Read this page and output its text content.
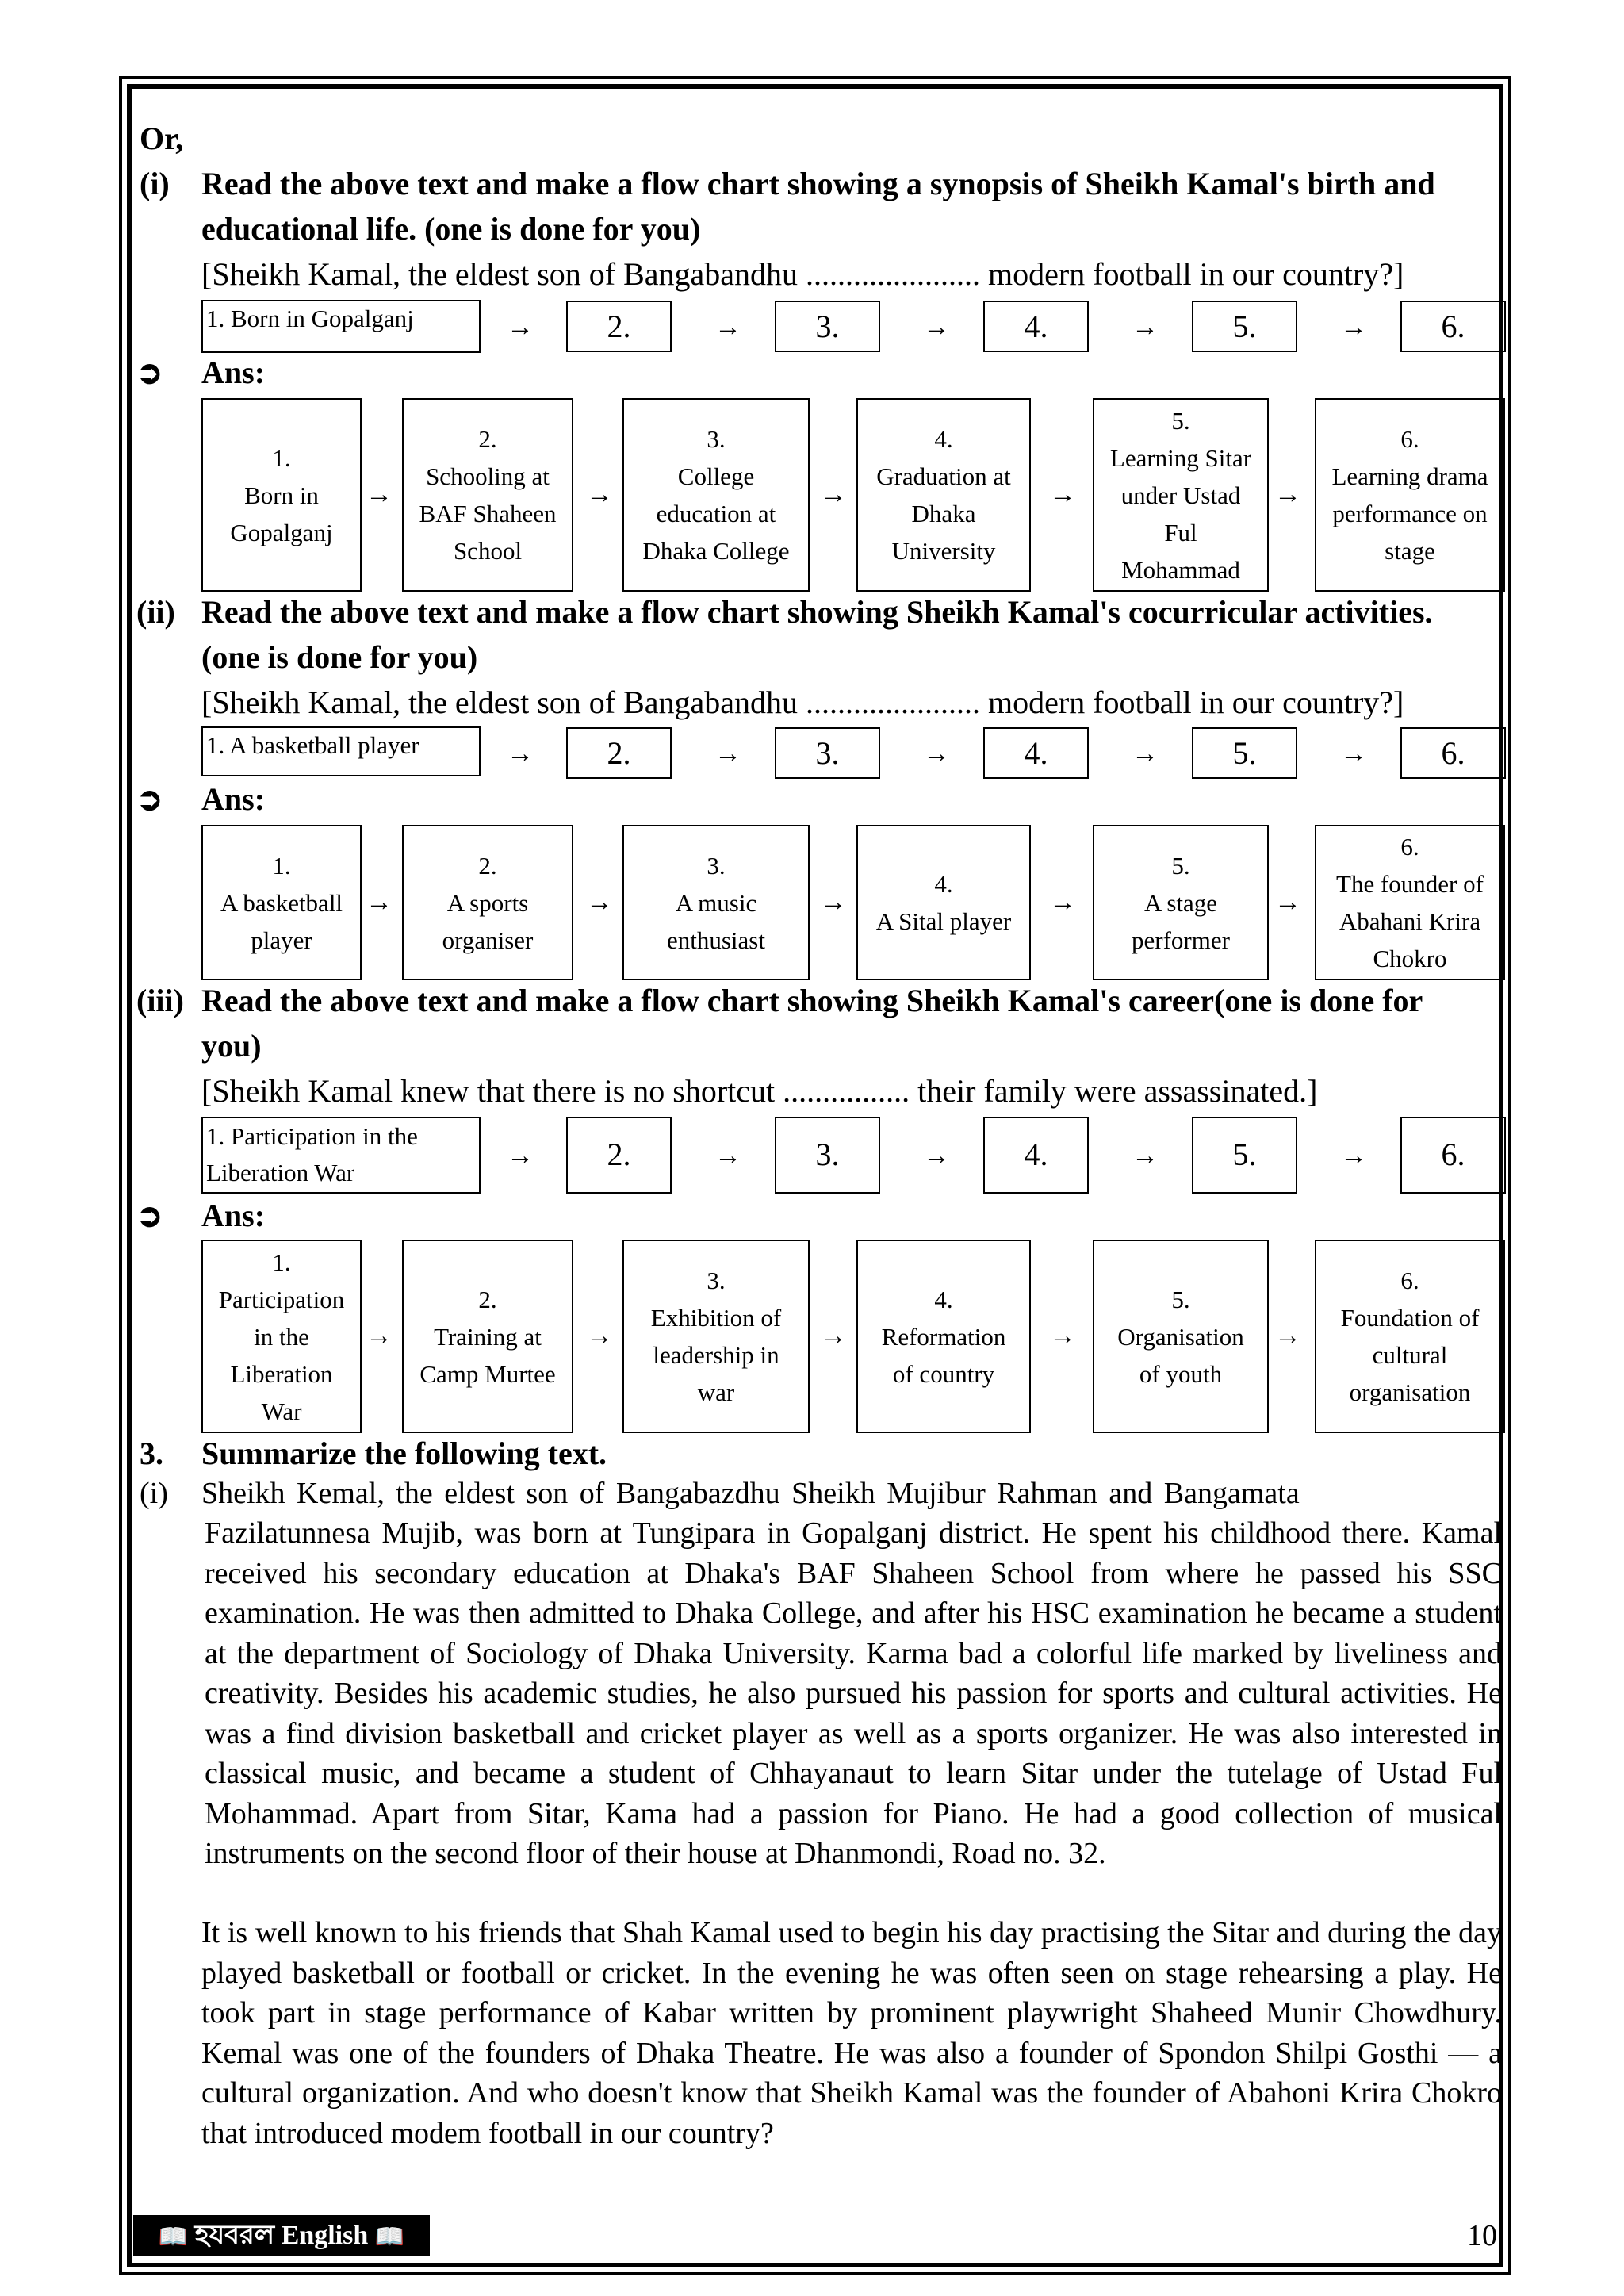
Or,
(i) Read the above text and make a flow chart showing a synopsis of Sheikh Kamal's birth and
educational life. (one is done for you)
[Sheikh Kamal, the eldest son of Bangabandhu ...................... modern football in our country?]
1. Born in Gopalganj	→	2.	→	3.	→	4.	→	5.	→	6.
➲ Ans:
1.
Born in
Gopalganj
→
2.
Schooling at
BAF Shaheen
School
→
3.
College
education at
Dhaka College
→
4.
Graduation at
Dhaka
University
→
5.
Learning Sitar
under Ustad
Ful
Mohammad
→
6.
Learning drama
performance on
stage
(ii) Read the above text and make a flow chart showing Sheikh Kamal's cocurricular activities.
(one is done for you)
[Sheikh Kamal, the eldest son of Bangabandhu ...................... modern football in our country?]
1. A basketball player	→	2.	→	3.	→	4.	→	5.	→	6.
➲ Ans:
1.
A basketball
player
→
2.
A sports
organiser
→
3.
A music
enthusiast
→
4.
A Sital player
→
5.
A stage
performer
→
6.
The founder of
Abahani Krira
Chokro
(iii) Read the above text and make a flow chart showing Sheikh Kamal's career(one is done for
you)
[Sheikh Kamal knew that there is no shortcut ................ their family were assassinated.]
1. Participation in the
Liberation War
→	2.	→	3.	→	4.	→	5.	→	6.
➲ Ans:
1.
Participation
in the
Liberation
War
→
2.
Training at
Camp Murtee
→
3.
Exhibition of
leadership in
war
→
4.
Reformation
of country
→
5.
Organisation
of youth
→
6.
Foundation of
cultural
organisation
3. Summarize the following text.
(i) Sheikh Kemal, the eldest son of Bangabazdhu Sheikh Mujibur Rahman and Bangamata
Fazilatunnesa Mujib, was born at Tungipara in Gopalganj district. He spent his childhood there. Kamal received his secondary education at Dhaka's BAF Shaheen School from where he passed his SSC examination. He was then admitted to Dhaka College, and after his HSC examination he became a student at the department of Sociology of Dhaka University. Karma bad a colorful life marked by liveliness and creativity. Besides his academic studies, he also pursued his passion for sports and cultural activities. He was a find division basketball and cricket player as well as a sports organizer. He was also interested in classical music, and became a student of Chhayanaut to learn Sitar under the tutelage of Ustad Ful Mohammad. Apart from Sitar, Kama had a passion for Piano. He had a good collection of musical instruments on the second floor of their house at Dhanmondi, Road no. 32.
It is well known to his friends that Shah Kamal used to begin his day practising the Sitar and during the day played basketball or football or cricket. In the evening he was often seen on stage rehearsing a play. He took part in stage performance of Kabar written by prominent playwright Shaheed Munir Chowdhury. Kemal was one of the founders of Dhaka Theatre. He was also a founder of Spondon Shilpi Gosthi — a cultural organization. And who doesn't know that Sheikh Kamal was the founder of Abahoni Krira Chokro that introduced modem football in our country?
📖 হযবরল English 📖	10
